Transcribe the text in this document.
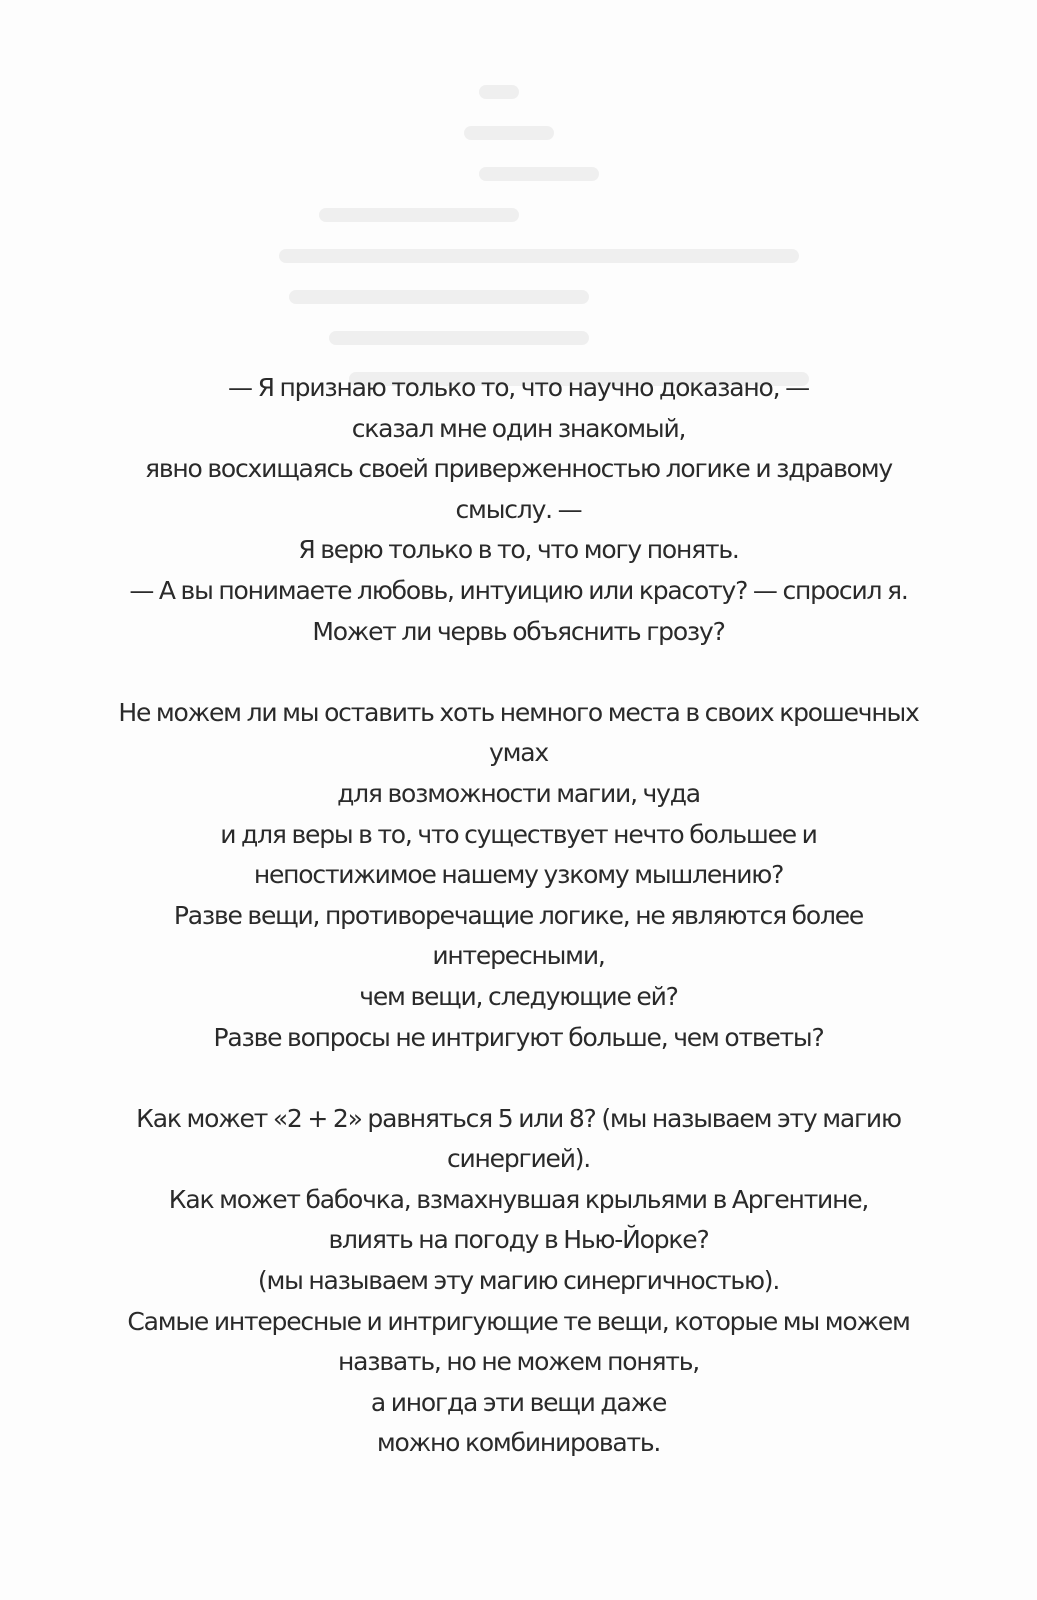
— Я признаю только то, что научно доказано, —
сказал мне один знакомый,
явно восхищаясь своей приверженностью логике и здравому
смыслу. —
Я верю только в то, что могу понять.
— А вы понимаете любовь, интуицию или красоту? — спросил я.
Может ли червь объяснить грозу?
Не можем ли мы оставить хоть немного места в своих крошечных
умах
для возможности магии, чуда
и для веры в то, что существует нечто большее и
непостижимое нашему узкому мышлению?
Разве вещи, противоречащие логике, не являются более
интересными,
чем вещи, следующие ей?
Разве вопросы не интригуют больше, чем ответы?
Как может «2 + 2» равняться 5 или 8? (мы называем эту магию
синергией).
Как может бабочка, взмахнувшая крыльями в Аргентине,
влиять на погоду в Нью-Йорке?
(мы называем эту магию синергичностью).
Самые интересные и интригующие те вещи, которые мы можем
назвать, но не можем понять,
а иногда эти вещи даже
можно комбинировать.
